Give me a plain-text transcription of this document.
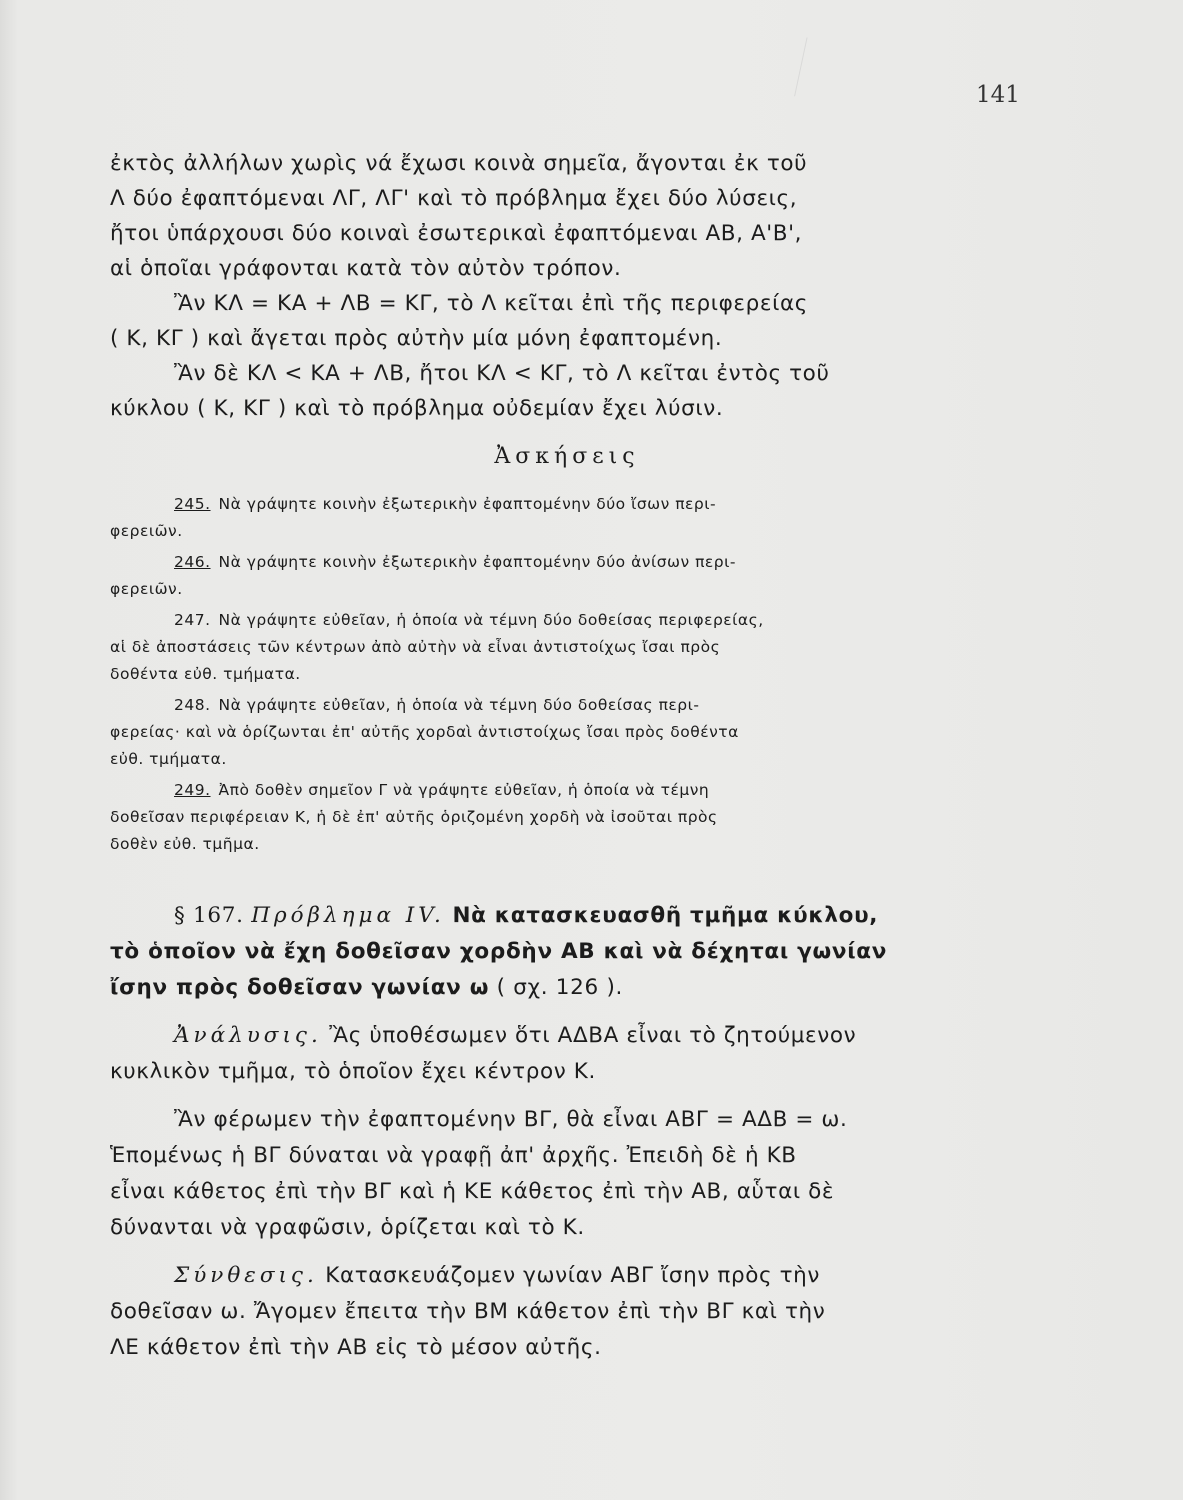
141

ἐκτὸς ἀλλήλων χωρὶς νά ἔχωσι κοινὰ σημεῖα, ἄγονται ἐκ τοῦ
Λ δύο ἐφαπτόμεναι ΛΓ, ΛΓ' καὶ τὸ πρόβλημα ἔχει δύο λύσεις,
ἤτοι ὑπάρχουσι δύο κοιναὶ ἐσωτερικαὶ ἐφαπτόμεναι ΑΒ, Α'Β',
αἱ ὁποῖαι γράφονται κατὰ τὸν αὐτὸν τρόπον.

Ἂν ΚΛ = ΚΑ + ΛΒ = ΚΓ, τὸ Λ κεῖται ἐπὶ τῆς περιφερείας
( Κ, ΚΓ ) καὶ ἄγεται πρὸς αὐτὴν μία μόνη ἐφαπτομένη.

Ἂν δὲ ΚΛ < ΚΑ + ΛΒ, ἤτοι ΚΛ < ΚΓ, τὸ Λ κεῖται ἐντὸς τοῦ
κύκλου ( Κ, ΚΓ ) καὶ τὸ πρόβλημα οὐδεμίαν ἔχει λύσιν.

Ἀσκήσεις

245. Νὰ γράψητε κοινὴν ἐξωτερικὴν ἐφαπτομένην δύο ἴσων περι-
φερειῶν.

246. Νὰ γράψητε κοινὴν ἐξωτερικὴν ἐφαπτομένην δύο ἀνίσων περι-
φερειῶν.

247. Νὰ γράψητε εὐθεῖαν, ἡ ὁποία νὰ τέμνη δύο δοθείσας περιφερείας,
αἱ δὲ ἀποστάσεις τῶν κέντρων ἀπὸ αὐτὴν νὰ εἶναι ἀντιστοίχως ἴσαι πρὸς
δοθέντα εὐθ. τμήματα.

248. Νὰ γράψητε εὐθεῖαν, ἡ ὁποία νὰ τέμνη δύο δοθείσας περι-
φερείας· καὶ νὰ ὁρίζωνται ἐπ' αὐτῆς χορδαὶ ἀντιστοίχως ἴσαι πρὸς δοθέντα
εὐθ. τμήματα.

249. Ἀπὸ δοθὲν σημεῖον Γ νὰ γράψητε εὐθεῖαν, ἡ ὁποία νὰ τέμνη
δοθεῖσαν περιφέρειαν Κ, ἡ δὲ ἐπ' αὐτῆς ὁριζομένη χορδὴ νὰ ἰσοῦται πρὸς
δοθὲν εὐθ. τμῆμα.

§ 167. Πρόβλημα IV. Νὰ κατασκευασθῆ τμῆμα κύκλου,
τὸ ὁποῖον νὰ ἔχη δοθεῖσαν χορδὴν ΑΒ καὶ νὰ δέχηται γωνίαν
ἴσην πρὸς δοθεῖσαν γωνίαν ω ( σχ. 126 ).

Ἀνάλυσις. Ἂς ὑποθέσωμεν ὅτι ΑΔΒΑ εἶναι τὸ ζητούμενον
κυκλικὸν τμῆμα, τὸ ὁποῖον ἔχει κέντρον Κ.

Ἂν φέρωμεν τὴν ἐφαπτομένην ΒΓ, θὰ εἶναι ΑΒΓ = ΑΔΒ = ω.
Ἑπομένως ἡ ΒΓ δύναται νὰ γραφῇ ἀπ' ἀρχῆς. Ἐπειδὴ δὲ ἡ ΚΒ
εἶναι κάθετος ἐπὶ τὴν ΒΓ καὶ ἡ ΚΕ κάθετος ἐπὶ τὴν ΑΒ, αὗται δὲ
δύνανται νὰ γραφῶσιν, ὁρίζεται καὶ τὸ Κ.

Σύνθεσις. Κατασκευάζομεν γωνίαν ΑΒΓ ἴσην πρὸς τὴν
δοθεῖσαν ω. Ἄγομεν ἔπειτα τὴν ΒΜ κάθετον ἐπὶ τὴν ΒΓ καὶ τὴν
ΛΕ κάθετον ἐπὶ τὴν ΑΒ εἰς τὸ μέσον αὐτῆς.
